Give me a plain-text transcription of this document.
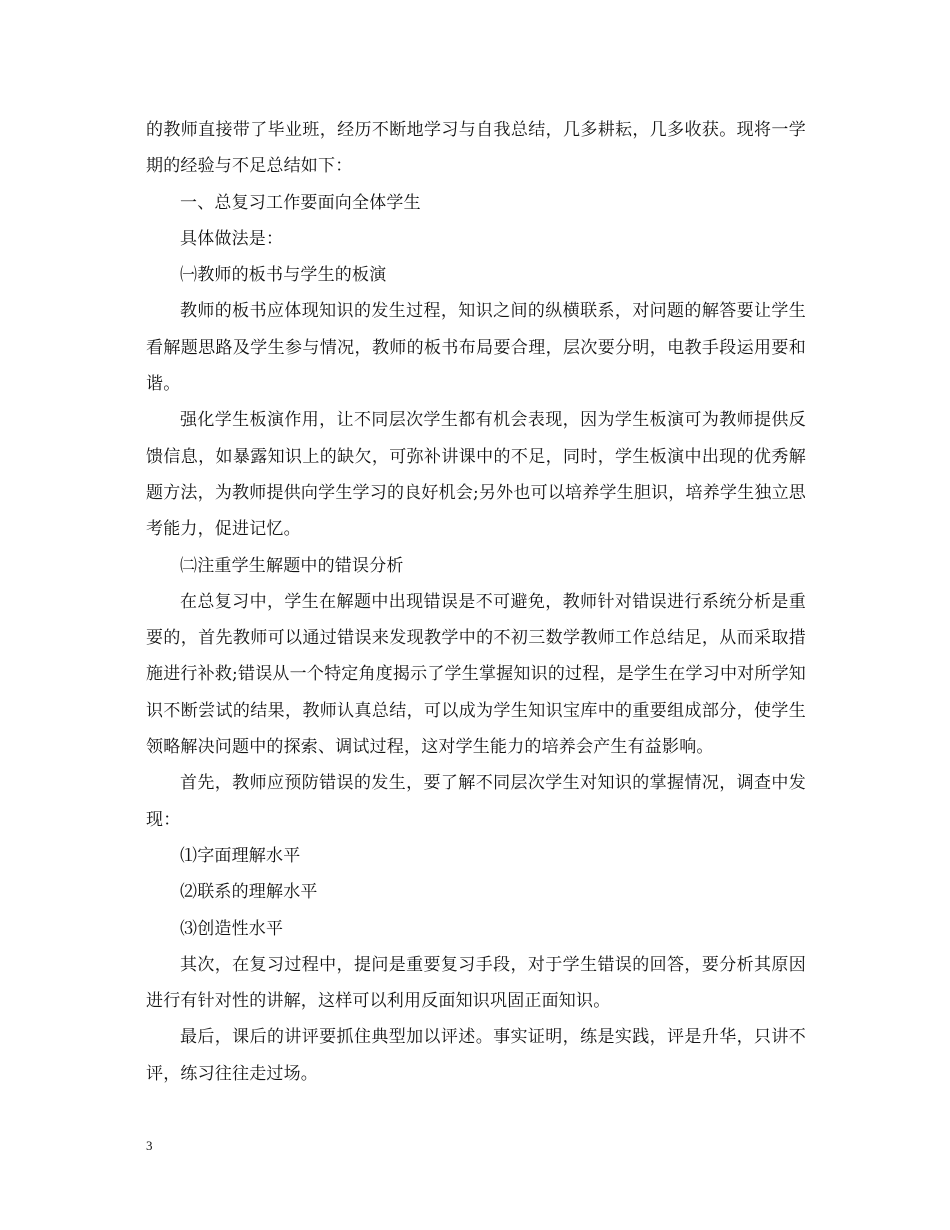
的教师直接带了毕业班，经历不断地学习与自我总结，几多耕耘，几多收获。现将一学期的经验与不足总结如下：

一、总复习工作要面向全体学生

具体做法是：

㈠教师的板书与学生的板演

教师的板书应体现知识的发生过程，知识之间的纵横联系，对问题的解答要让学生看解题思路及学生参与情况，教师的板书布局要合理，层次要分明，电教手段运用要和谐。

强化学生板演作用，让不同层次学生都有机会表现，因为学生板演可为教师提供反馈信息，如暴露知识上的缺欠，可弥补讲课中的不足，同时，学生板演中出现的优秀解题方法，为教师提供向学生学习的良好机会;另外也可以培养学生胆识，培养学生独立思考能力，促进记忆。

㈡注重学生解题中的错误分析

在总复习中，学生在解题中出现错误是不可避免，教师针对错误进行系统分析是重要的，首先教师可以通过错误来发现教学中的不初三数学教师工作总结足，从而采取措施进行补救;错误从一个特定角度揭示了学生掌握知识的过程，是学生在学习中对所学知识不断尝试的结果，教师认真总结，可以成为学生知识宝库中的重要组成部分，使学生领略解决问题中的探索、调试过程，这对学生能力的培养会产生有益影响。

首先，教师应预防错误的发生，要了解不同层次学生对知识的掌握情况，调查中发现：

⑴字面理解水平

⑵联系的理解水平

⑶创造性水平

其次，在复习过程中，提问是重要复习手段，对于学生错误的回答，要分析其原因进行有针对性的讲解，这样可以利用反面知识巩固正面知识。

最后，课后的讲评要抓住典型加以评述。事实证明，练是实践，评是升华，只讲不评，练习往往走过场。

3
